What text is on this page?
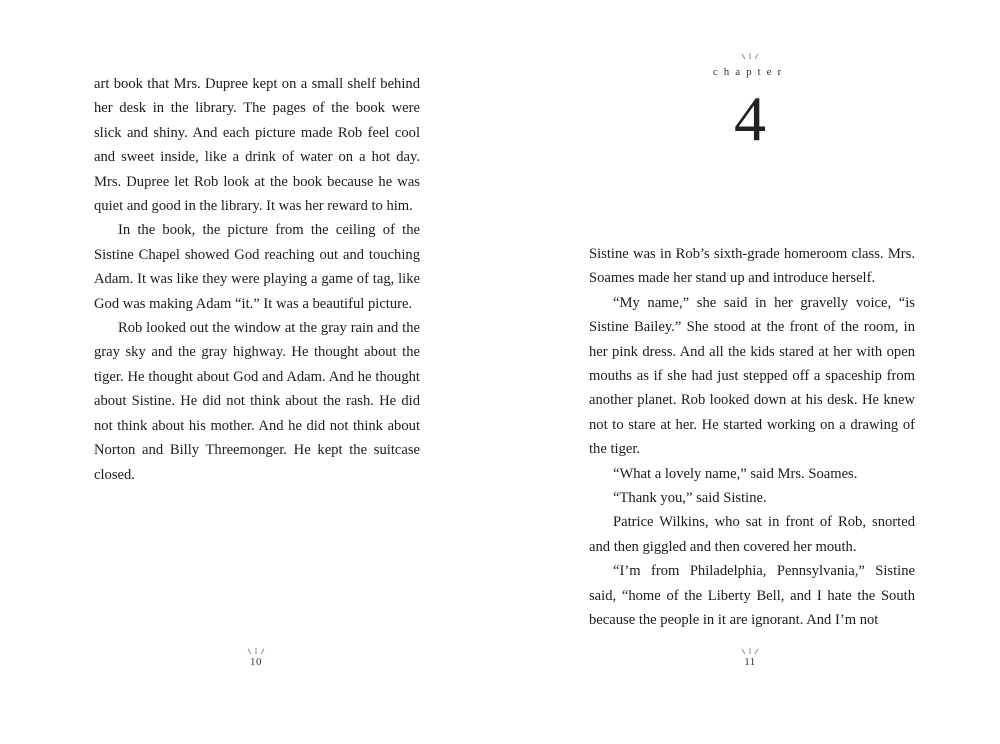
art book that Mrs. Dupree kept on a small shelf behind her desk in the library. The pages of the book were slick and shiny. And each picture made Rob feel cool and sweet inside, like a drink of water on a hot day. Mrs. Dupree let Rob look at the book because he was quiet and good in the library. It was her reward to him.

In the book, the picture from the ceiling of the Sistine Chapel showed God reaching out and touching Adam. It was like they were playing a game of tag, like God was making Adam “it.” It was a beautiful picture.

Rob looked out the window at the gray rain and the gray sky and the gray highway. He thought about the tiger. He thought about God and Adam. And he thought about Sistine. He did not think about the rash. He did not think about his mother. And he did not think about Norton and Billy Threemonger. He kept the suitcase closed.

10
chapter
4

Sistine was in Rob’s sixth-grade homeroom class. Mrs. Soames made her stand up and introduce herself.

“My name,” she said in her gravelly voice, “is Sistine Bailey.” She stood at the front of the room, in her pink dress. And all the kids stared at her with open mouths as if she had just stepped off a spaceship from another planet. Rob looked down at his desk. He knew not to stare at her. He started working on a drawing of the tiger.

“What a lovely name,” said Mrs. Soames.

“Thank you,” said Sistine.

Patrice Wilkins, who sat in front of Rob, snorted and then giggled and then covered her mouth.

“I’m from Philadelphia, Pennsylvania,” Sistine said, “home of the Liberty Bell, and I hate the South because the people in it are ignorant. And I’m not

11
